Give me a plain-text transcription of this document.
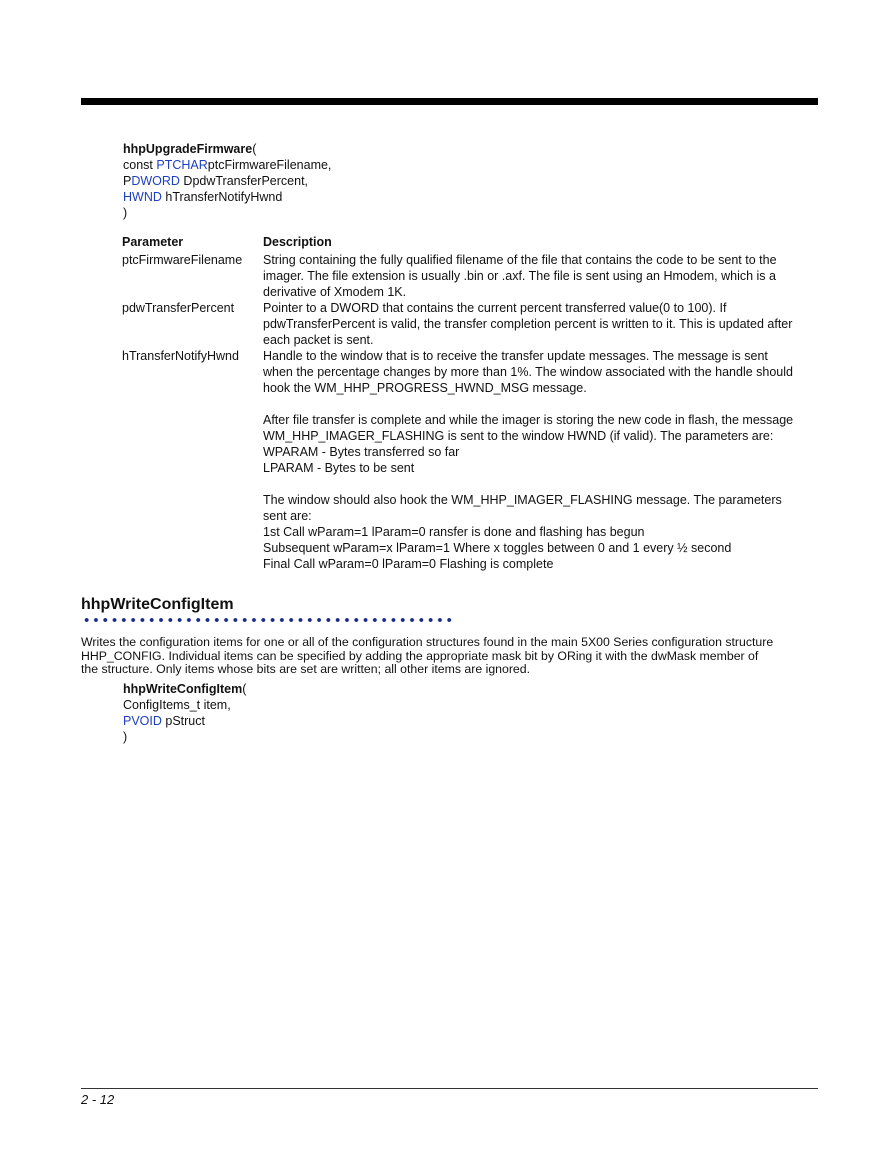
hhpUpgradeFirmware(
const PTCHARptcFirmwareFilename,
PDWORD DpdwTransferPercent,
HWND hTransferNotifyHwnd
)
Parameter	Description
ptcFirmwareFilename	String containing the fully qualified filename of the file that contains the code to be sent to the
imager. The file extension is usually .bin or .axf. The file is sent using an Hmodem, which is a
derivative of Xmodem 1K.
pdwTransferPercent	Pointer to a DWORD that contains the current percent transferred value(0 to 100). If
pdwTransferPercent is valid, the transfer completion percent is written to it. This is updated after
each packet is sent.
hTransferNotifyHwnd	Handle to the window that is to receive the transfer update messages. The message is sent
when the percentage changes by more than 1%. The window associated with the handle should
hook the WM_HHP_PROGRESS_HWND_MSG message.
After file transfer is complete and while the imager is storing the new code in flash, the message
WM_HHP_IMAGER_FLASHING is sent to the window HWND (if valid). The parameters are:
WPARAM - Bytes transferred so far
LPARAM - Bytes to be sent
The window should also hook the WM_HHP_IMAGER_FLASHING message. The parameters
sent are:
1st Call wParam=1 lParam=0 ransfer is done and flashing has begun
Subsequent wParam=x lParam=1 Where x toggles between 0 and 1 every ½ second
Final Call wParam=0 lParam=0 Flashing is complete
hhpWriteConfigItem
Writes the configuration items for one or all of the configuration structures found in the main 5X00 Series configuration structure
HHP_CONFIG. Individual items can be specified by adding the appropriate mask bit by ORing it with the dwMask member of
the structure. Only items whose bits are set are written; all other items are ignored.
hhpWriteConfigItem(
ConfigItems_t item,
PVOID pStruct
)
2 - 12
